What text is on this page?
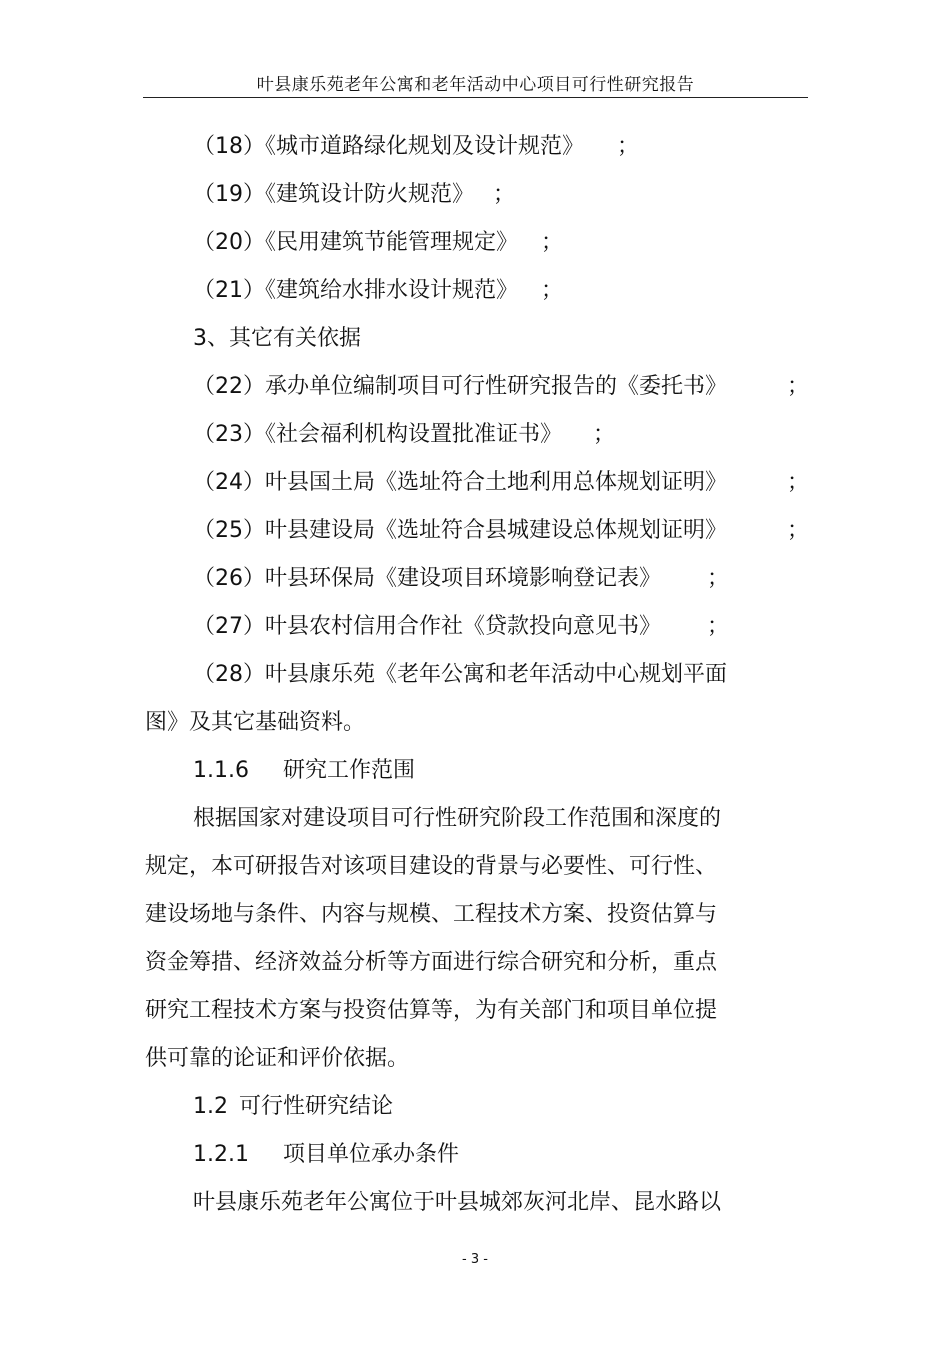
叶县康乐苑老年公寓和老年活动中心项目可行性研究报告
（18）《城市道路绿化规划及设计规范》 ；
（19）《建筑设计防火规范》 ；
（20）《民用建筑节能管理规定》 ；
（21）《建筑给水排水设计规范》 ；
3、其它有关依据
（22）承办单位编制项目可行性研究报告的《委托书》	；
（23）《社会福利机构设置批准证书》 ；
（24）叶县国土局《选址符合土地利用总体规划证明》	；
（25）叶县建设局《选址符合县城建设总体规划证明》	；
（26）叶县环保局《建设项目环境影响登记表》 ；
（27）叶县农村信用合作社《贷款投向意见书》 ；
（28）叶县康乐苑《老年公寓和老年活动中心规划平面
图》及其它基础资料。
1.1.6 研究工作范围
根据国家对建设项目可行性研究阶段工作范围和深度的
规定，本可研报告对该项目建设的背景与必要性、可行性、
建设场地与条件、内容与规模、工程技术方案、投资估算与
资金筹措、经济效益分析等方面进行综合研究和分析，重点
研究工程技术方案与投资估算等，为有关部门和项目单位提
供可靠的论证和评价依据。
1.2 可行性研究结论
1.2.1 项目单位承办条件
叶县康乐苑老年公寓位于叶县城郊灰河北岸、昆水路以
- 3 -
